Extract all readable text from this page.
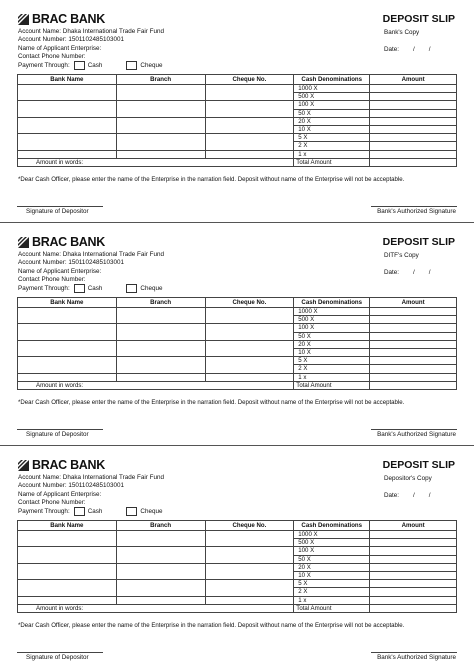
BRAC BANK	DEPOSIT SLIP
Bank's Copy
Date:        /        /
Account Name: Dhaka International Trade Fair Fund
Account Number: 1501102485103001
Name of Applicant Enterprise:
Contact Phone Number:
Payment Through:	Cash	Cheque
Bank Name	Branch	Cheque No.	Cash Denominations	Amount
			1000 X	
			500 X	
			100 X	
			50 X	
			20 X	
			10 X	
			5 X	
			2 X	
			1 x	
Amount in words:			Total Amount	
*Dear Cash Officer, please enter the name of the Enterprise in the narration field. Deposit without name of the Enterprise will not be acceptable.
Signature of Depositor	Bank's Authorized Signature
BRAC BANK	DEPOSIT SLIP
DITF's Copy
Date:        /        /
Account Name: Dhaka International Trade Fair Fund
Account Number: 1501102485103001
Name of Applicant Enterprise:
Contact Phone Number:
Payment Through:	Cash	Cheque
Bank Name	Branch	Cheque No.	Cash Denominations	Amount
			1000 X	
			500 X	
			100 X	
			50 X	
			20 X	
			10 X	
			5 X	
			2 X	
			1 x	
Amount in words:			Total Amount	
*Dear Cash Officer, please enter the name of the Enterprise in the narration field. Deposit without name of the Enterprise will not be acceptable.
Signature of Depositor	Bank's Authorized Signature
BRAC BANK	DEPOSIT SLIP
Depositor's Copy
Date:        /        /
Account Name: Dhaka International Trade Fair Fund
Account Number: 1501102485103001
Name of Applicant Enterprise:
Contact Phone Number:
Payment Through:	Cash	Cheque
Bank Name	Branch	Cheque No.	Cash Denominations	Amount
			1000 X	
			500 X	
			100 X	
			50 X	
			20 X	
			10 X	
			5 X	
			2 X	
			1 x	
Amount in words:			Total Amount	
*Dear Cash Officer, please enter the name of the Enterprise in the narration field. Deposit without name of the Enterprise will not be acceptable.
Signature of Depositor	Bank's Authorized Signature
